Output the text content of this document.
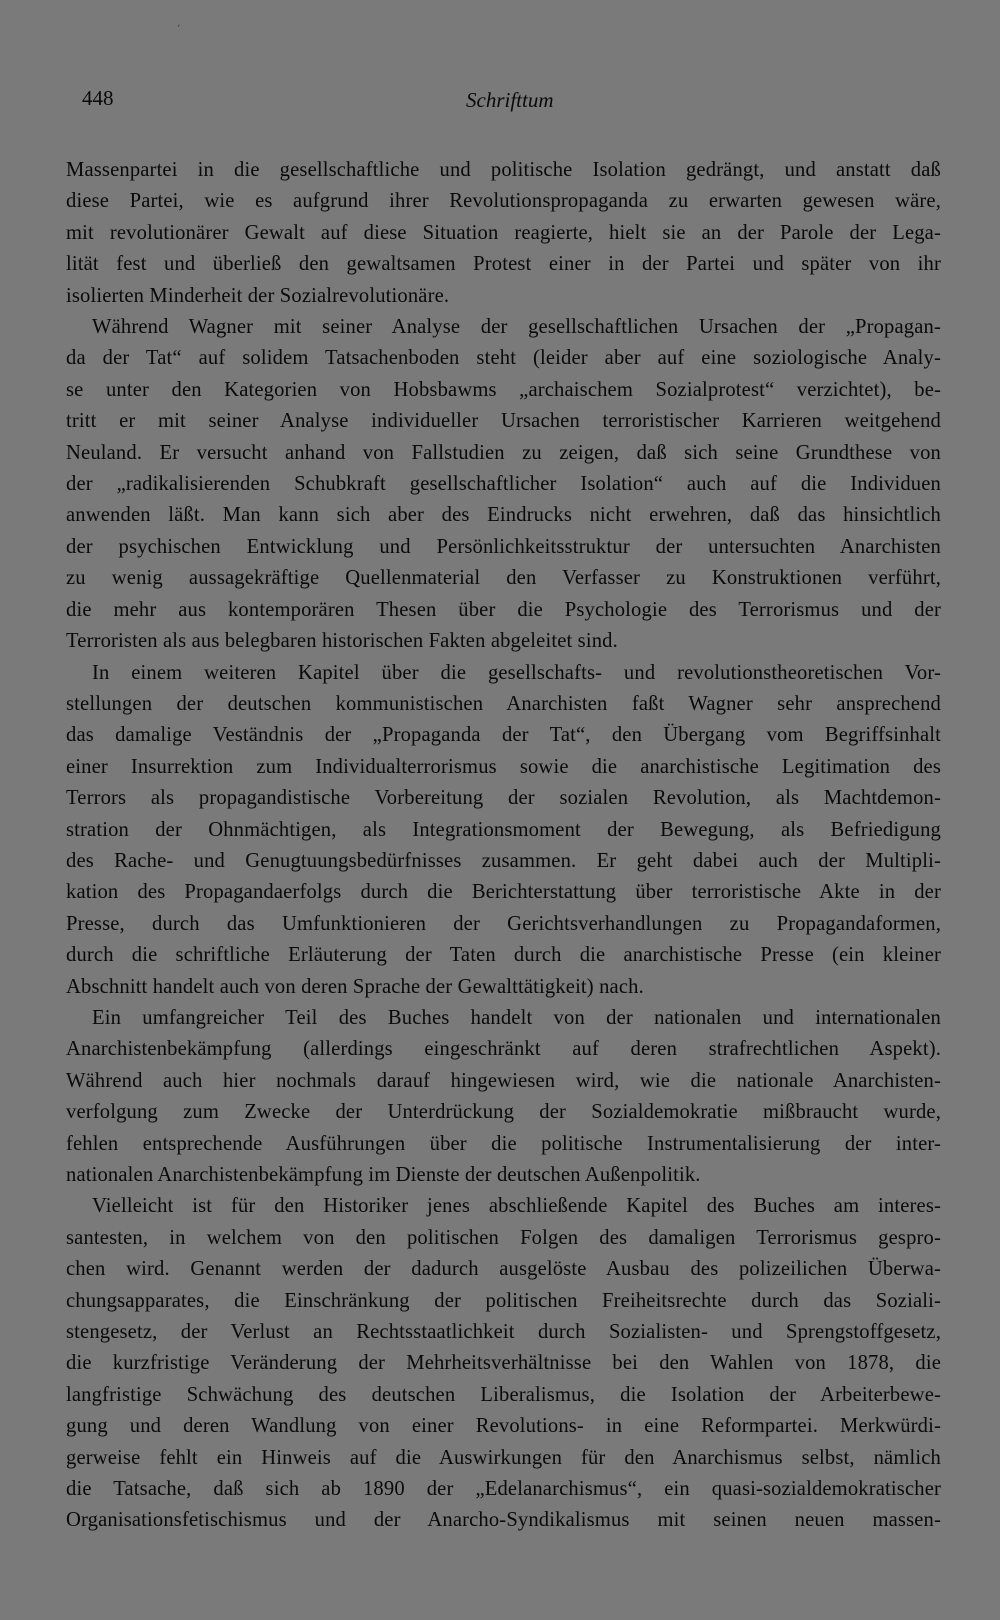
ˊ
448	Schrifttum

Massenpartei in die gesellschaftliche und politische Isolation gedrängt, und anstatt daß
diese Partei, wie es aufgrund ihrer Revolutionspropaganda zu erwarten gewesen wäre,
mit revolutionärer Gewalt auf diese Situation reagierte, hielt sie an der Parole der Lega-
lität fest und überließ den gewaltsamen Protest einer in der Partei und später von ihr
isolierten Minderheit der Sozialrevolutionäre.

Während Wagner mit seiner Analyse der gesellschaftlichen Ursachen der „Propagan-
da der Tat“ auf solidem Tatsachenboden steht (leider aber auf eine soziologische Analy-
se unter den Kategorien von Hobsbawms „archaischem Sozialprotest“ verzichtet), be-
tritt er mit seiner Analyse individueller Ursachen terroristischer Karrieren weitgehend
Neuland. Er versucht anhand von Fallstudien zu zeigen, daß sich seine Grundthese von
der „radikalisierenden Schubkraft gesellschaftlicher Isolation“ auch auf die Individuen
anwenden läßt. Man kann sich aber des Eindrucks nicht erwehren, daß das hinsichtlich
der psychischen Entwicklung und Persönlichkeitsstruktur der untersuchten Anarchisten
zu wenig aussagekräftige Quellenmaterial den Verfasser zu Konstruktionen verführt,
die mehr aus kontemporären Thesen über die Psychologie des Terrorismus und der
Terroristen als aus belegbaren historischen Fakten abgeleitet sind.

In einem weiteren Kapitel über die gesellschafts- und revolutionstheoretischen Vor-
stellungen der deutschen kommunistischen Anarchisten faßt Wagner sehr ansprechend
das damalige Veständnis der „Propaganda der Tat“, den Übergang vom Begriffsinhalt
einer Insurrektion zum Individualterrorismus sowie die anarchistische Legitimation des
Terrors als propagandistische Vorbereitung der sozialen Revolution, als Machtdemon-
stration der Ohnmächtigen, als Integrationsmoment der Bewegung, als Befriedigung
des Rache- und Genugtuungsbedürfnisses zusammen. Er geht dabei auch der Multipli-
kation des Propagandaerfolgs durch die Berichterstattung über terroristische Akte in der
Presse, durch das Umfunktionieren der Gerichtsverhandlungen zu Propagandaformen,
durch die schriftliche Erläuterung der Taten durch die anarchistische Presse (ein kleiner
Abschnitt handelt auch von deren Sprache der Gewalttätigkeit) nach.

Ein umfangreicher Teil des Buches handelt von der nationalen und internationalen
Anarchistenbekämpfung (allerdings eingeschränkt auf deren strafrechtlichen Aspekt).
Während auch hier nochmals darauf hingewiesen wird, wie die nationale Anarchisten-
verfolgung zum Zwecke der Unterdrückung der Sozialdemokratie mißbraucht wurde,
fehlen entsprechende Ausführungen über die politische Instrumentalisierung der inter-
nationalen Anarchistenbekämpfung im Dienste der deutschen Außenpolitik.

Vielleicht ist für den Historiker jenes abschließende Kapitel des Buches am interes-
santesten, in welchem von den politischen Folgen des damaligen Terrorismus gespro-
chen wird. Genannt werden der dadurch ausgelöste Ausbau des polizeilichen Überwa-
chungsapparates, die Einschränkung der politischen Freiheitsrechte durch das Soziali-
stengesetz, der Verlust an Rechtsstaatlichkeit durch Sozialisten- und Sprengstoffgesetz,
die kurzfristige Veränderung der Mehrheitsverhältnisse bei den Wahlen von 1878, die
langfristige Schwächung des deutschen Liberalismus, die Isolation der Arbeiterbewe-
gung und deren Wandlung von einer Revolutions- in eine Reformpartei. Merkwürdi-
gerweise fehlt ein Hinweis auf die Auswirkungen für den Anarchismus selbst, nämlich
die Tatsache, daß sich ab 1890 der „Edelanarchismus“, ein quasi-sozialdemokratischer
Organisationsfetischismus und der Anarcho-Syndikalismus mit seinen neuen massen-
